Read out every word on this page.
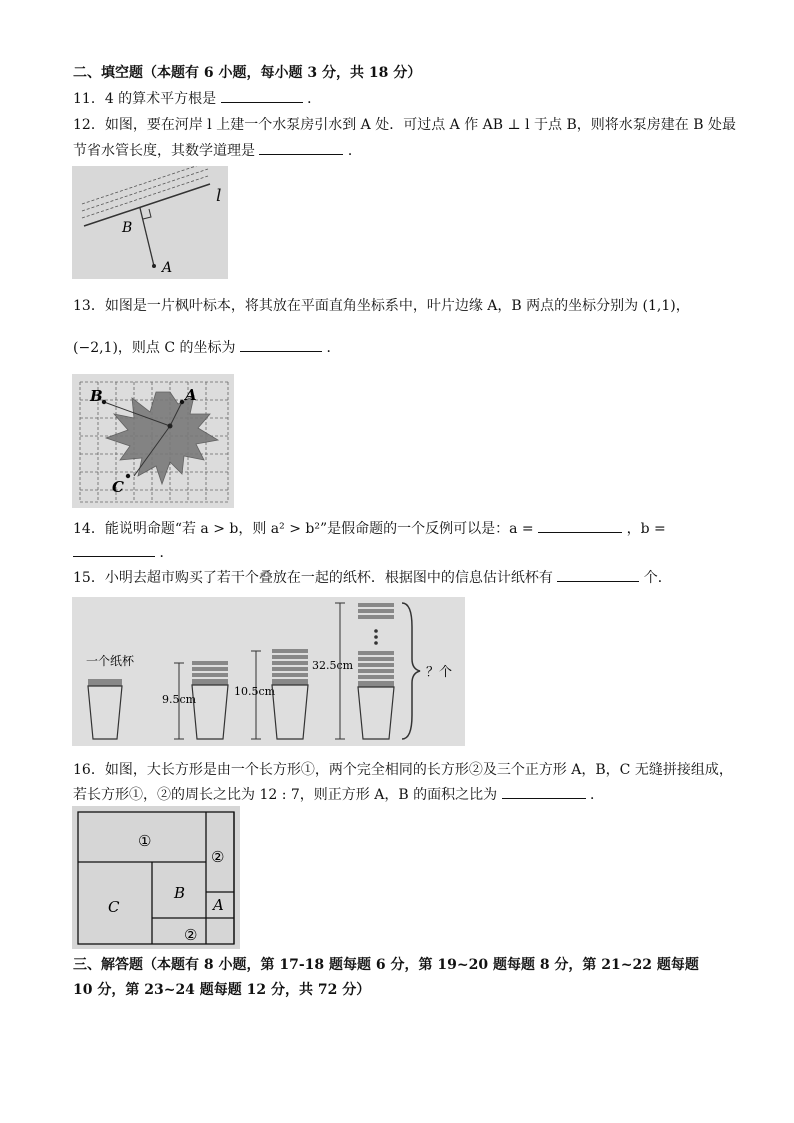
二、填空题（本题有 6 小题，每小题 3 分，共 18 分）
11．4 的算术平方根是	．
12．如图，要在河岸 l 上建一个水泵房引水到 A 处．可过点 A 作 AB ⊥ l 于点 B，则将水泵房建在 B 处最
节省水管长度，其数学道理是	．
B
A
l
13．如图是一片枫叶标本，将其放在平面直角坐标系中，叶片边缘 A，B 两点的坐标分别为 (1,1)，
(−2,1)，则点 C 的坐标为	．
A
B
C
14．能说明命题“若 a > b，则 a² > b²”是假命题的一个反例可以是：a =	，b =
．
15．小明去超市购买了若干个叠放在一起的纸杯．根据图中的信息估计纸杯有	个．
一个纸杯
9.5cm
10.5cm
32.5cm	？个
16．如图，大长方形是由一个长方形①，两个完全相同的长方形②及三个正方形 A，B，C 无缝拼接组成，
若长方形①，②的周长之比为 12 : 7，则正方形 A，B 的面积之比为	．
①
②
②
B
A
C
三、解答题（本题有 8 小题，第 17-18 题每题 6 分，第 19~20 题每题 8 分，第 21~22 题每题
10 分，第 23~24 题每题 12 分，共 72 分）
